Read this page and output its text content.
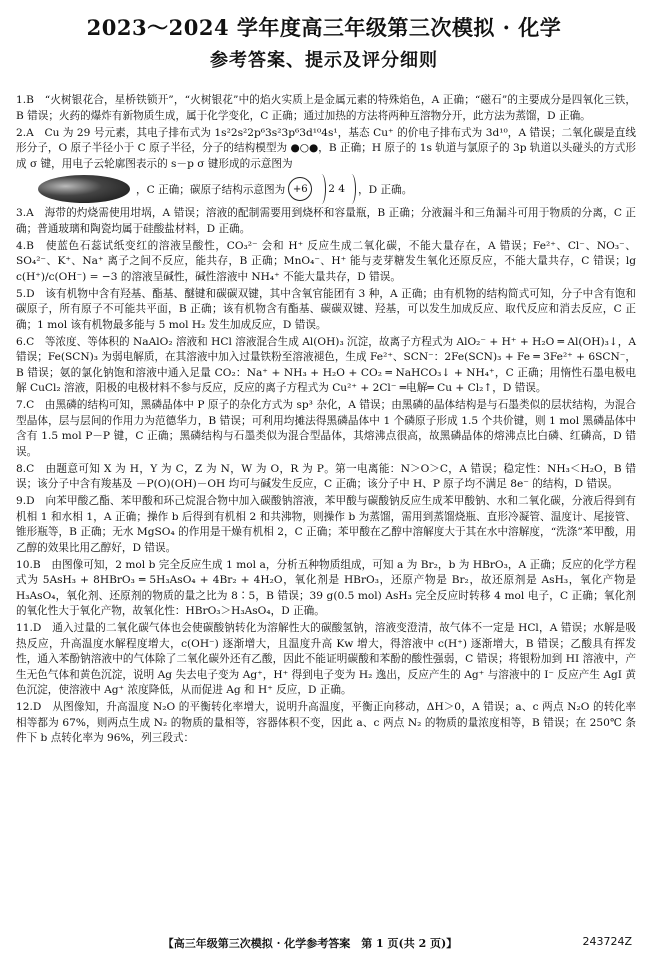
2023～2024 学年度高三年级第三次模拟 · 化学
参考答案、提示及评分细则

1.B　 “火树银花合，星桥铁锁开”，“火树银花”中的焰火实质上是金属元素的特殊焰色，A 正确；“磁石”的主要成分是四氧化三铁，B 错误；火药的爆炸有新物质生成，属于化学变化，C 正确；通过加热的方法将两种互溶物分开，此方法为蒸馏，D 正确。

2.A　 Cu 为 29 号元素，其电子排布式为 1s²2s²2p⁶3s²3p⁶3d¹⁰4s¹，基态 Cu⁺ 的价电子排布式为 3d¹⁰，A 错误；二氧化碳是直线形分子，O 原子半径小于 C 原子半径，分子的结构模型为 ●○●，B 正确；H 原子的 1s 轨道与氯原子的 3p 轨道以头碰头的方式形成 σ 键，用电子云轮廓图表示的 s－p σ 键形成的示意图为

，C 正确；碳原子结构示意图为 +6	2 4 ，D 正确。

3.A　 海带的灼烧需使用坩埚，A 错误；溶液的配制需要用到烧杯和容量瓶，B 正确；分液漏斗和三角漏斗可用于物质的分离，C 正确；普通玻璃和陶瓷均属于硅酸盐材料，D 正确。

4.B　 使蓝色石蕊试纸变红的溶液呈酸性，CO₃²⁻ 会和 H⁺ 反应生成二氧化碳，不能大量存在，A 错误；Fe²⁺、Cl⁻、NO₃⁻、SO₄²⁻、K⁺、Na⁺ 离子之间不反应，能共存，B 正确；MnO₄⁻、H⁺ 能与麦芽糖发生氧化还原反应，不能大量共存，C 错误；lg c(H⁺)/c(OH⁻) = −3 的溶液呈碱性，碱性溶液中 NH₄⁺ 不能大量共存，D 错误。

5.D　 该有机物中含有羟基、酯基、醚键和碳碳双键，其中含氧官能团有 3 种，A 正确；由有机物的结构简式可知，分子中含有饱和碳原子，所有原子不可能共平面，B 正确；该有机物含有酯基、碳碳双键、羟基，可以发生加成反应、取代反应和消去反应，C 正确；1 mol 该有机物最多能与 5 mol H₂ 发生加成反应，D 错误。

6.C　 等浓度、等体积的 NaAlO₂ 溶液和 HCl 溶液混合生成 Al(OH)₃ 沉淀，故离子方程式为 AlO₂⁻ + H⁺ + H₂O ═ Al(OH)₃↓，A 错误；Fe(SCN)₃ 为弱电解质，在其溶液中加入过量铁粉至溶液褪色，生成 Fe²⁺、SCN⁻：2Fe(SCN)₃ + Fe ═ 3Fe²⁺ + 6SCN⁻，B 错误；氨的氯化钠饱和溶液中通入足量 CO₂：Na⁺ + NH₃ + H₂O + CO₂ ═ NaHCO₃↓ + NH₄⁺，C 正确；用惰性石墨电极电解 CuCl₂ 溶液，阳极的电极材料不参与反应，反应的离子方程式为 Cu²⁺ + 2Cl⁻ ═电解═ Cu + Cl₂↑，D 错误。

7.C　 由黑磷的结构可知，黑磷晶体中 P 原子的杂化方式为 sp³ 杂化，A 错误；由黑磷的晶体结构是与石墨类似的层状结构，为混合型晶体，层与层间的作用力为范德华力，B 错误；可利用均摊法得黑磷晶体中 1 个磷原子形成 1.5 个共价键，则 1 mol 黑磷晶体中含有 1.5 mol P－P 键，C 正确；黑磷结构与石墨类似为混合型晶体，其熔沸点很高，故黑磷晶体的熔沸点比白磷、红磷高，D 错误。

8.C　 由题意可知 X 为 H，Y 为 C，Z 为 N，W 为 O，R 为 P。第一电离能：N＞O＞C，A 错误；稳定性：NH₃＜H₂O，B 错误；该分子中含有羧基及 －P(O)(OH)－OH 均可与碱发生反应，C 正确；该分子中 H、P 原子均不满足 8e⁻ 的结构，D 错误。

9.D　 向苯甲酸乙酯、苯甲酸和环己烷混合物中加入碳酸钠溶液，苯甲酸与碳酸钠反应生成苯甲酸钠、水和二氧化碳，分液后得到有机相 1 和水相 1，A 正确；操作 b 后得到有机相 2 和共沸物，则操作 b 为蒸馏，需用到蒸馏烧瓶、直形冷凝管、温度计、尾接管、锥形瓶等，B 正确；无水 MgSO₄ 的作用是干燥有机相 2，C 正确；苯甲酸在乙醇中溶解度大于其在水中溶解度，“洗涤”苯甲酸，用乙醇的效果比用乙醇好，D 错误。

10.B　 由图像可知，2 mol b 完全反应生成 1 mol a，分析五种物质组成，可知 a 为 Br₂，b 为 HBrO₃，A 正确；反应的化学方程式为 5AsH₃ + 8HBrO₃ ═ 5H₃AsO₄ + 4Br₂ + 4H₂O，氧化剂是 HBrO₃，还原产物是 Br₂，故还原剂是 AsH₃，氧化产物是 H₃AsO₄，氧化剂、还原剂的物质的量之比为 8∶5，B 错误；39 g(0.5 mol) AsH₃ 完全反应时转移 4 mol 电子，C 正确；氧化剂的氧化性大于氧化产物，故氧化性：HBrO₃＞H₃AsO₄，D 正确。

11.D　 通入过量的二氧化碳气体也会使碳酸钠转化为溶解性大的碳酸氢钠，溶液变澄清，故气体不一定是 HCl，A 错误；水解是吸热反应，升高温度水解程度增大，c(OH⁻) 逐渐增大，且温度升高 Kw 增大，得溶液中 c(H⁺) 逐渐增大，B 错误；乙酸具有挥发性，通入苯酚钠溶液中的气体除了二氧化碳外还有乙酸，因此不能证明碳酸和苯酚的酸性强弱，C 错误；将银粉加到 HI 溶液中，产生无色气体和黄色沉淀，说明 Ag 失去电子变为 Ag⁺，H⁺ 得到电子变为 H₂ 逸出，反应产生的 Ag⁺ 与溶液中的 I⁻ 反应产生 AgI 黄色沉淀，使溶液中 Ag⁺ 浓度降低，从而促进 Ag 和 H⁺ 反应，D 正确。

12.D　 从图像知，升高温度 N₂O 的平衡转化率增大，说明升高温度，平衡正向移动，ΔH＞0，A 错误；a、c 两点 N₂O 的转化率相等都为 67%，则两点生成 N₂ 的物质的量相等，容器体积不变，因此 a、c 两点 N₂ 的物质的量浓度相等，B 错误；在 250℃ 条件下 b 点转化率为 96%，列三段式：

【高三年级第三次模拟 · 化学参考答案　第 1 页(共 2 页)】	243724Z
